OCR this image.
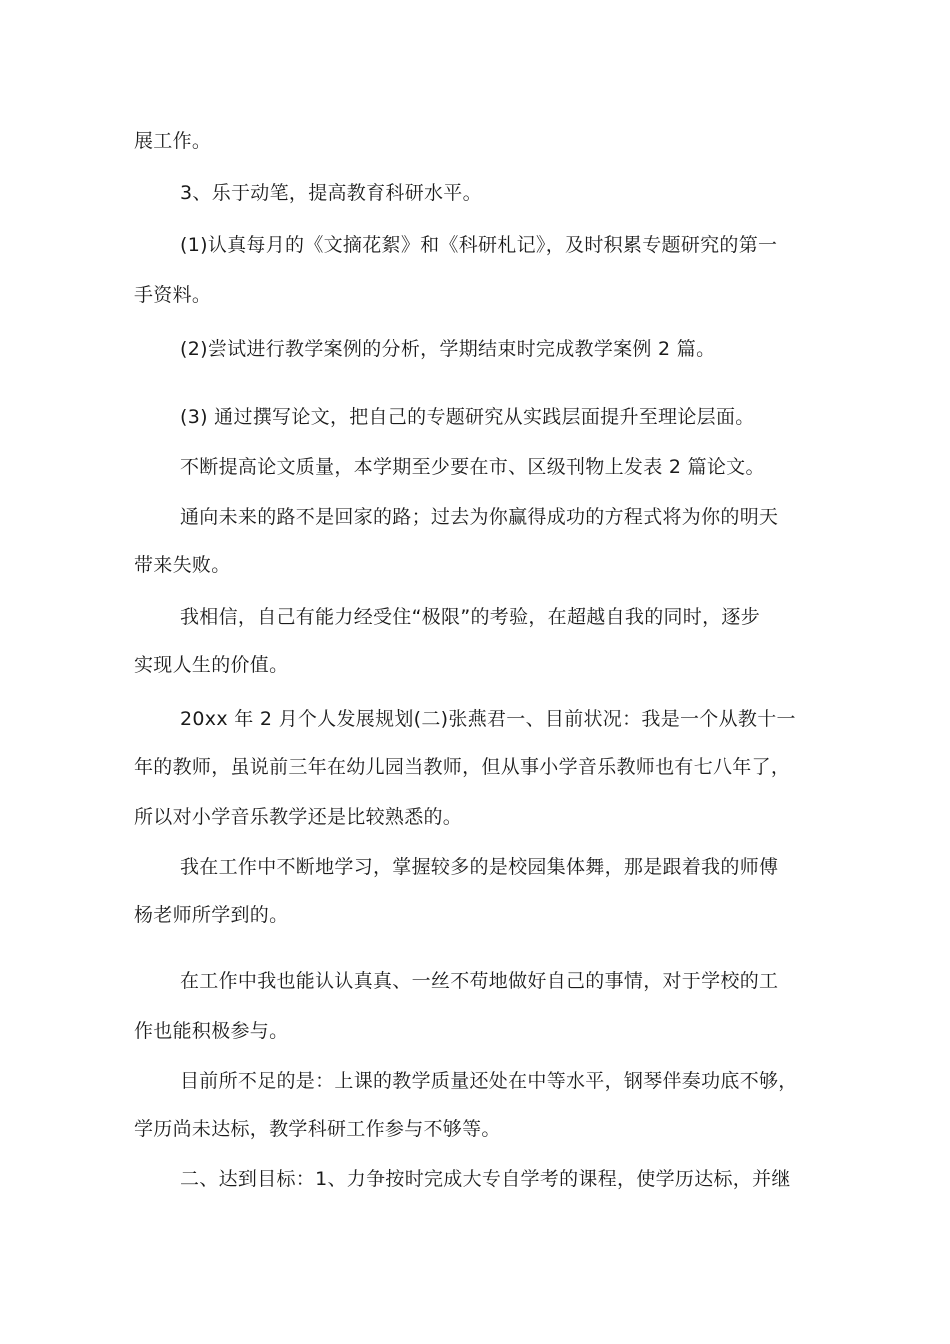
展工作。

3、乐于动笔，提高教育科研水平。

(1)认真每月的《文摘花絮》和《科研札记》，及时积累专题研究的第一

手资料。

(2)尝试进行教学案例的分析，学期结束时完成教学案例 2 篇。

(3) 通过撰写论文，把自己的专题研究从实践层面提升至理论层面。

不断提高论文质量，本学期至少要在市、区级刊物上发表 2 篇论文。

通向未来的路不是回家的路；过去为你赢得成功的方程式将为你的明天

带来失败。

我相信，自己有能力经受住“极限”的考验，在超越自我的同时，逐步

实现人生的价值。

20xx 年 2 月个人发展规划(二)张燕君一、目前状况：我是一个从教十一

年的教师，虽说前三年在幼儿园当教师，但从事小学音乐教师也有七八年了，

所以对小学音乐教学还是比较熟悉的。

我在工作中不断地学习，掌握较多的是校园集体舞，那是跟着我的师傅

杨老师所学到的。

在工作中我也能认认真真、一丝不苟地做好自己的事情，对于学校的工

作也能积极参与。

目前所不足的是：上课的教学质量还处在中等水平，钢琴伴奏功底不够，

学历尚未达标，教学科研工作参与不够等。

二、达到目标：1、力争按时完成大专自学考的课程，使学历达标，并继
